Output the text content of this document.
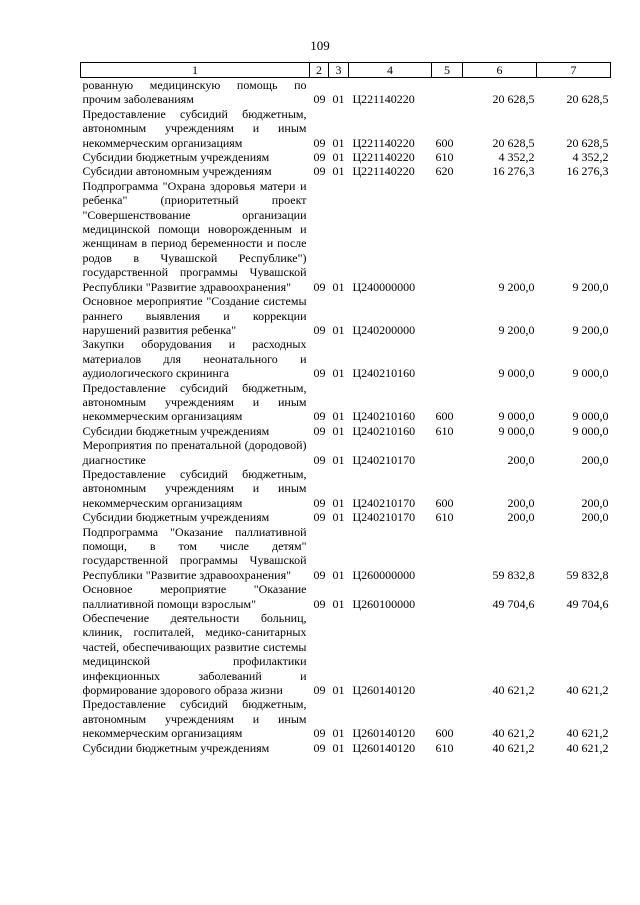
109
1	2	3	4	5	6	7
рованную медицинскую помощь по прочим заболеваниям	09	01	Ц221140220		20 628,5	20 628,5
Предоставление субсидий бюджетным, автономным учреждениям и иным некоммерческим организациям	09	01	Ц221140220	600	20 628,5	20 628,5
Субсидии бюджетным учреждениям	09	01	Ц221140220	610	4 352,2	4 352,2
Субсидии автономным учреждениям	09	01	Ц221140220	620	16 276,3	16 276,3
Подпрограмма "Охрана здоровья матери и ребенка" (приоритетный проект "Совершенствование организации медицинской помощи новорожденным и женщинам в период беременности и после родов в Чувашской Республике") государственной программы Чувашской Республики "Развитие здравоохранения"	09	01	Ц240000000		9 200,0	9 200,0
Основное мероприятие "Создание системы раннего выявления и коррекции нарушений развития ребенка"	09	01	Ц240200000		9 200,0	9 200,0
Закупки оборудования и расходных материалов для неонатального и аудиологического скрининга	09	01	Ц240210160		9 000,0	9 000,0
Предоставление субсидий бюджетным, автономным учреждениям и иным некоммерческим организациям	09	01	Ц240210160	600	9 000,0	9 000,0
Субсидии бюджетным учреждениям	09	01	Ц240210160	610	9 000,0	9 000,0
Мероприятия по пренатальной (дородовой) диагностике	09	01	Ц240210170		200,0	200,0
Предоставление субсидий бюджетным, автономным учреждениям и иным некоммерческим организациям	09	01	Ц240210170	600	200,0	200,0
Субсидии бюджетным учреждениям	09	01	Ц240210170	610	200,0	200,0
Подпрограмма "Оказание паллиативной помощи, в том числе детям" государственной программы Чувашской Республики "Развитие здравоохранения"	09	01	Ц260000000		59 832,8	59 832,8
Основное мероприятие "Оказание паллиативной помощи взрослым"	09	01	Ц260100000		49 704,6	49 704,6
Обеспечение деятельности больниц, клиник, госпиталей, медико-санитарных частей, обеспечивающих развитие системы медицинской профилактики инфекционных заболеваний и формирование здорового образа жизни	09	01	Ц260140120		40 621,2	40 621,2
Предоставление субсидий бюджетным, автономным учреждениям и иным некоммерческим организациям	09	01	Ц260140120	600	40 621,2	40 621,2
Субсидии бюджетным учреждениям	09	01	Ц260140120	610	40 621,2	40 621,2
